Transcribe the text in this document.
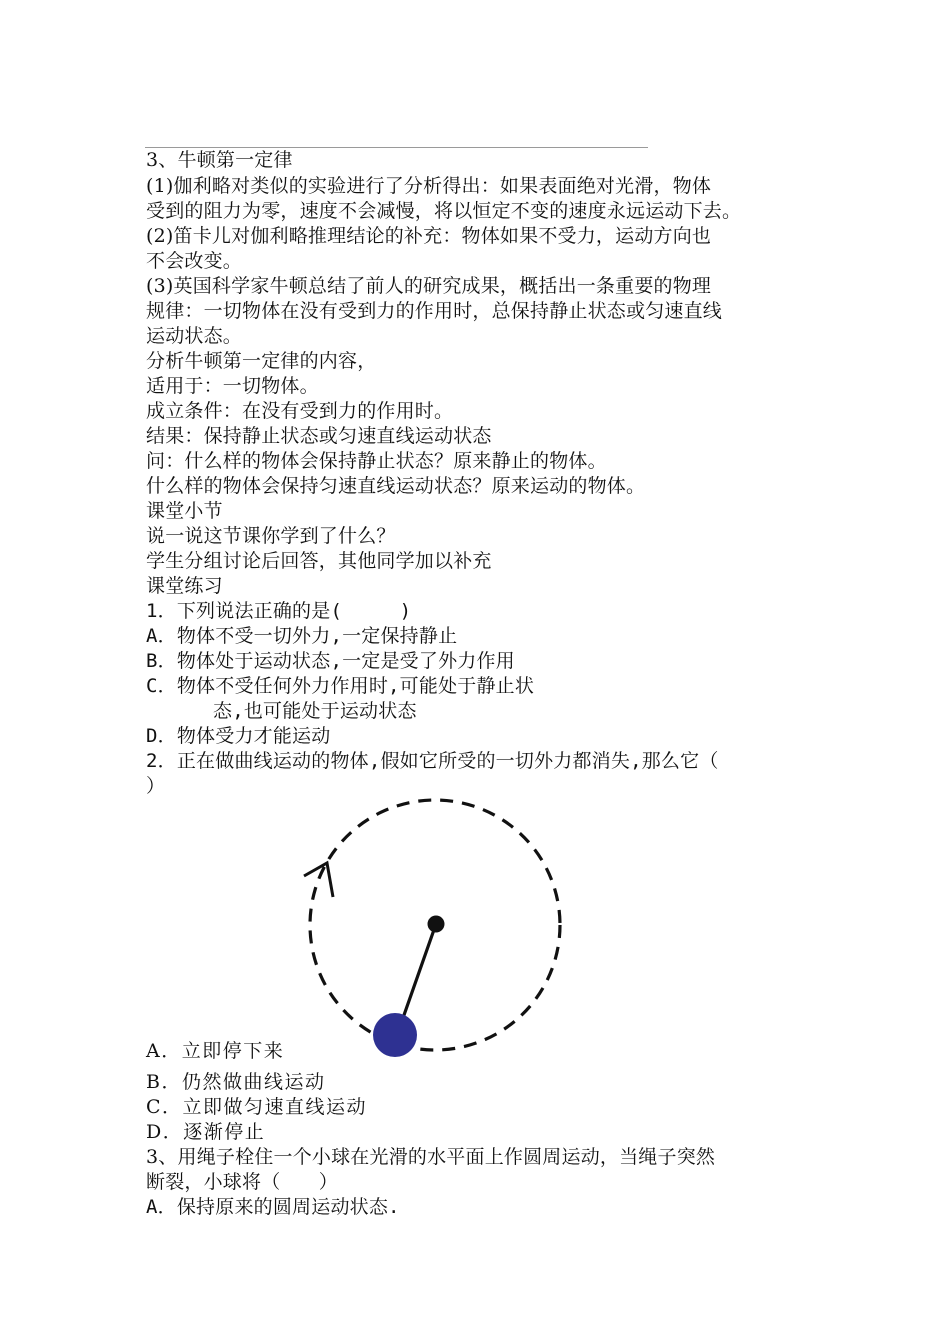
3、牛顿第一定律
(1)伽利略对类似的实验进行了分析得出：如果表面绝对光滑，物体
受到的阻力为零，速度不会减慢，将以恒定不变的速度永远运动下去。
(2)笛卡儿对伽利略推理结论的补充：物体如果不受力，运动方向也
不会改变。
(3)英国科学家牛顿总结了前人的研究成果，概括出一条重要的物理
规律：一切物体在没有受到力的作用时，总保持静止状态或匀速直线
运动状态。
分析牛顿第一定律的内容，
适用于：一切物体。
成立条件：在没有受到力的作用时。
结果：保持静止状态或匀速直线运动状态
问：什么样的物体会保持静止状态？原来静止的物体。
什么样的物体会保持匀速直线运动状态？原来运动的物体。
课堂小节
说一说这节课你学到了什么？
学生分组讨论后回答，其他同学加以补充
课堂练习
1．下列说法正确的是(　　　)
A．物体不受一切外力,一定保持静止
B．物体处于运动状态,一定是受了外力作用
C．物体不受任何外力作用时,可能处于静止状
态,也可能处于运动状态
D．物体受力才能运动
2．正在做曲线运动的物体,假如它所受的一切外力都消失,那么它（
）
A．立即停下来
B．仍然做曲线运动
C．立即做匀速直线运动
D．逐渐停止
3、用绳子栓住一个小球在光滑的水平面上作圆周运动，当绳子突然
断裂，小球将（　　）
A．保持原来的圆周运动状态.
